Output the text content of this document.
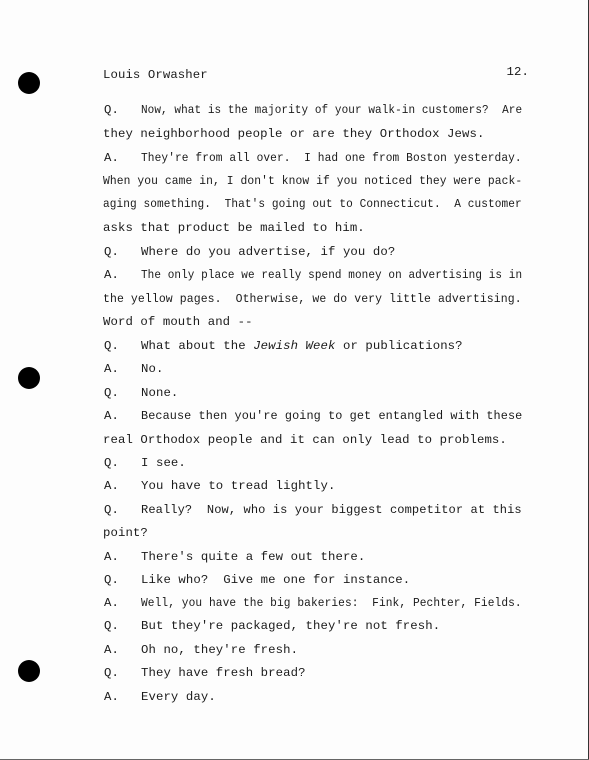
Louis Orwasher	12.
Q. Now, what is the majority of your walk-in customers?  Are
they neighborhood people or are they Orthodox Jews.
A. They're from all over.  I had one from Boston yesterday.
When you came in, I don't know if you noticed they were pack-
aging something.  That's going out to Connecticut.  A customer
asks that product be mailed to him.
Q. Where do you advertise, if you do?
A. The only place we really spend money on advertising is in
the yellow pages.  Otherwise, we do very little advertising.
Word of mouth and --
Q. What about the Jewish Week or publications?
A. No.
Q. None.
A. Because then you're going to get entangled with these
real Orthodox people and it can only lead to problems.
Q. I see.
A. You have to tread lightly.
Q. Really?  Now, who is your biggest competitor at this
point?
A. There's quite a few out there.
Q. Like who?  Give me one for instance.
A. Well, you have the big bakeries:  Fink, Pechter, Fields.
Q. But they're packaged, they're not fresh.
A. Oh no, they're fresh.
Q. They have fresh bread?
A. Every day.
